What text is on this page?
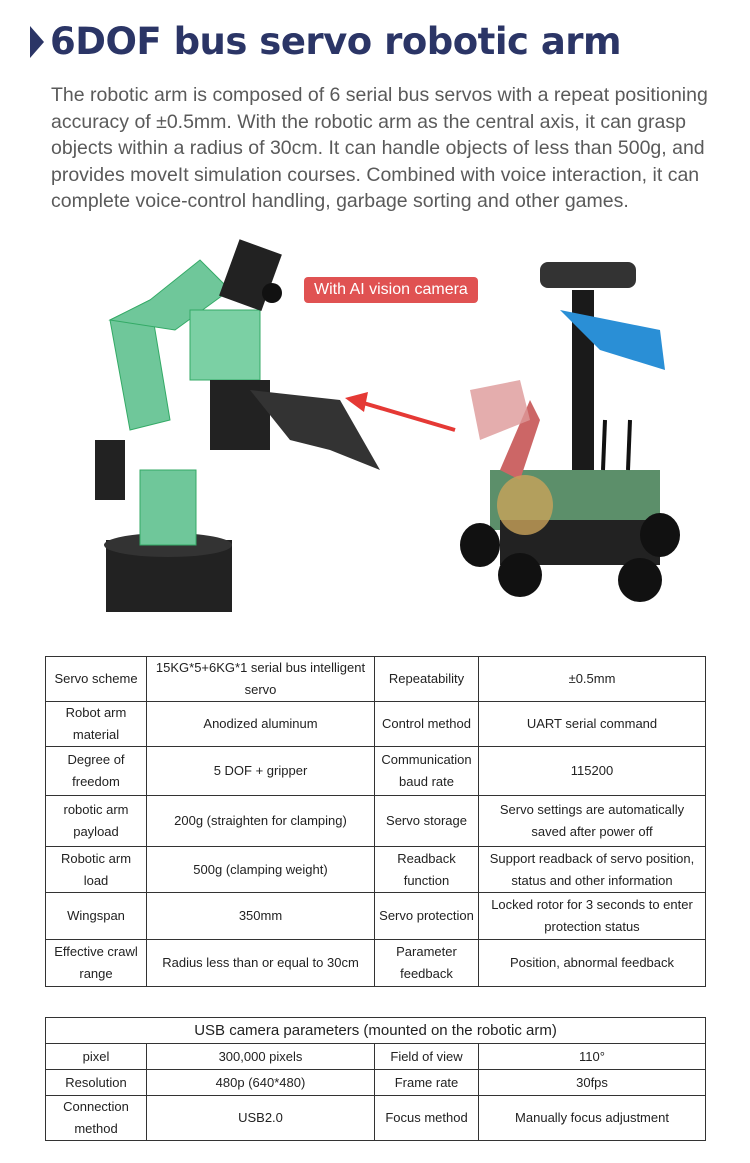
6DOF bus servo robotic arm

The robotic arm is composed of 6 serial bus servos with a repeat positioning accuracy of ±0.5mm. With the robotic arm as the central axis, it can grasp objects within a radius of 30cm. It can handle objects of less than 500g, and provides moveIt simulation courses. Combined with voice interaction, it can complete voice-control handling, garbage sorting and other games.

With AI vision camera
Servo scheme	15KG*5+6KG*1 serial bus intelligent servo	Repeatability	±0.5mm
Robot arm material	Anodized aluminum	Control method	UART serial command
Degree of freedom	5 DOF + gripper	Communication baud rate	115200
robotic arm payload	200g (straighten for clamping)	Servo storage	Servo settings are automatically saved after power off
Robotic arm load	500g (clamping weight)	Readback function	Support readback of servo position, status and other information
Wingspan	350mm	Servo protection	Locked rotor for 3 seconds to enter protection status
Effective crawl range	Radius less than or equal to 30cm	Parameter feedback	Position, abnormal feedback
USB camera parameters (mounted on the robotic arm)			
pixel	300,000 pixels	Field of view	110°
Resolution	480p (640*480)	Frame rate	30fps
Connection method	USB2.0	Focus method	Manually focus adjustment
